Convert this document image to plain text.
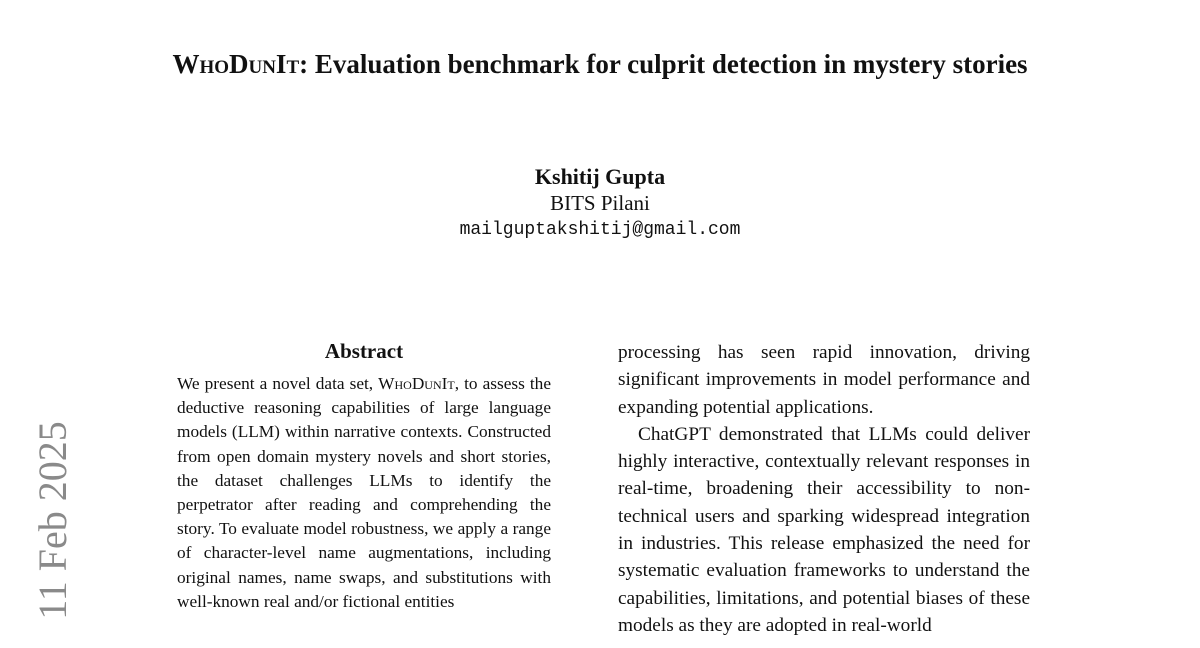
11 Feb 2025
WhoDunIt: Evaluation benchmark for culprit detection in mystery stories
Kshitij Gupta
BITS Pilani
mailguptakshitij@gmail.com
Abstract

We present a novel data set, WhoDunIt, to assess the deductive reasoning capabilities of large language models (LLM) within narrative contexts. Constructed from open domain mystery novels and short stories, the dataset challenges LLMs to identify the perpetrator after reading and comprehending the story. To evaluate model robustness, we apply a range of character-level name augmentations, including original names, name swaps, and substitutions with well-known real and/or fictional entities

processing has seen rapid innovation, driving significant improvements in model performance and expanding potential applications.

ChatGPT demonstrated that LLMs could deliver highly interactive, contextually relevant responses in real-time, broadening their accessibility to non-technical users and sparking widespread integration in industries. This release emphasized the need for systematic evaluation frameworks to understand the capabilities, limitations, and potential biases of these models as they are adopted in real-world
